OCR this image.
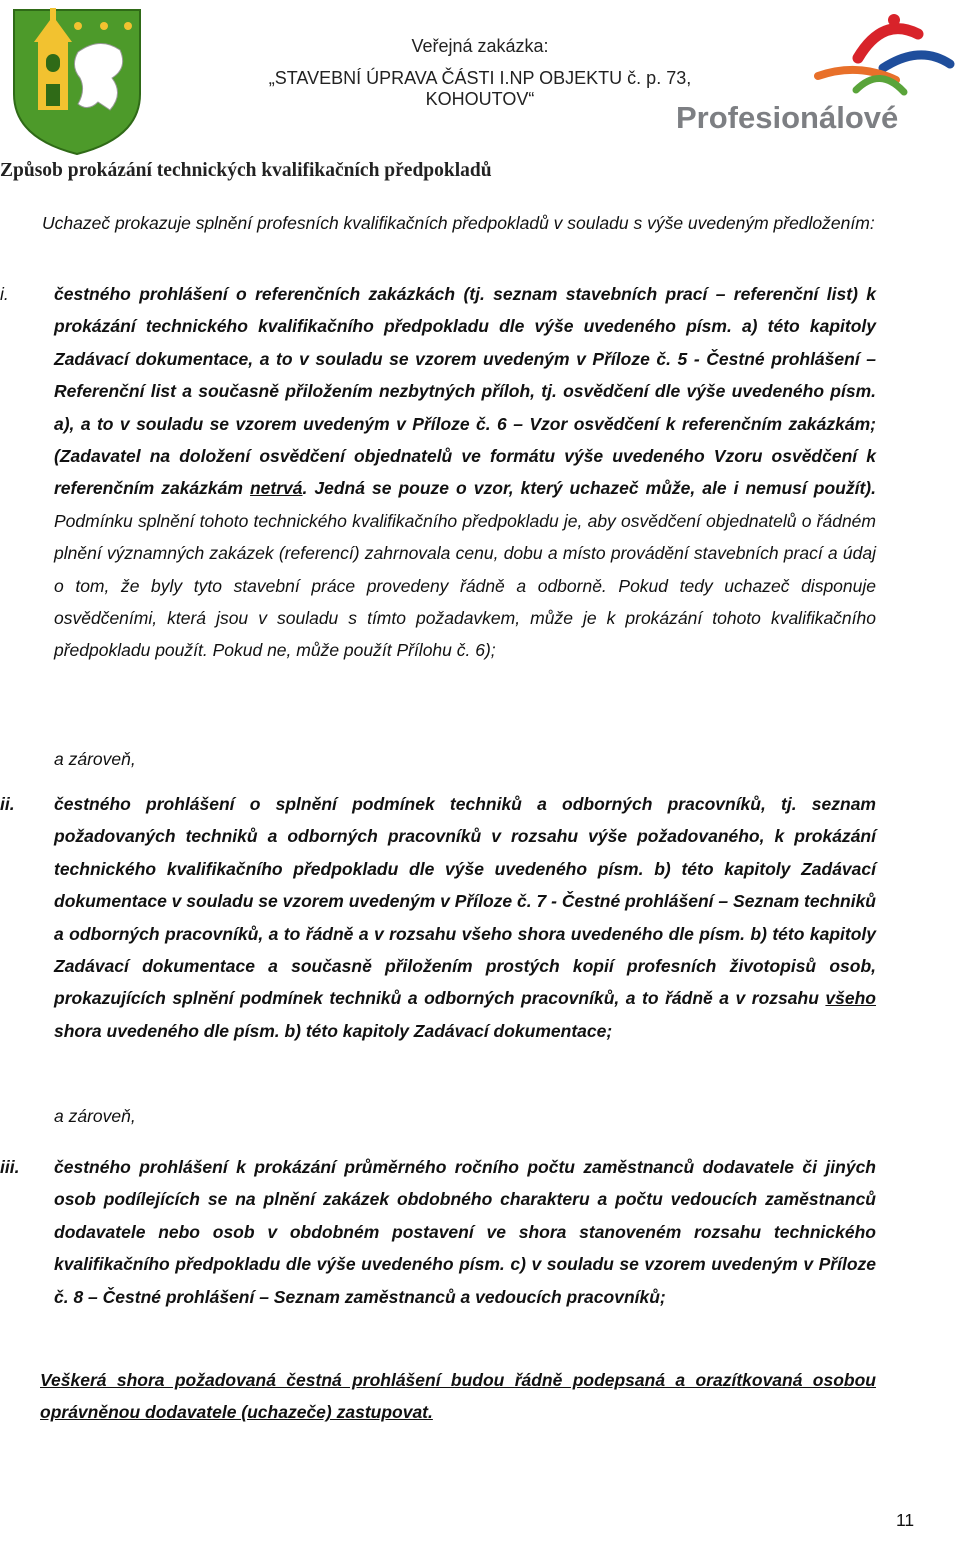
Veřejná zakázka:
„STAVEBNÍ ÚPRAVA ČÁSTI I.NP OBJEKTU č. p. 73, KOHOUTOV“
Profesionálové
Způsob prokázání technických kvalifikačních předpokladů

Uchazeč prokazuje splnění profesních kvalifikačních předpokladů v souladu s výše uvedeným předložením:

i.	čestného prohlášení o referenčních zakázkách (tj. seznam stavebních prací – referenční list) k prokázání technického kvalifikačního předpokladu dle výše uvedeného písm. a) této kapitoly Zadávací dokumentace, a to v souladu se vzorem uvedeným v Příloze č. 5 - Čestné prohlášení – Referenční list a současně přiložením nezbytných příloh, tj. osvědčení dle výše uvedeného písm. a), a to v souladu se vzorem uvedeným v Příloze č. 6 – Vzor osvědčení k referenčním zakázkám; (Zadavatel na doložení osvědčení objednatelů ve formátu výše uvedeného Vzoru osvědčení k referenčním zakázkám netrvá. Jedná se pouze o vzor, který uchazeč může, ale i nemusí použít). Podmínku splnění tohoto technického kvalifikačního předpokladu je, aby osvědčení objednatelů o řádném plnění významných zakázek (referencí) zahrnovala cenu, dobu a místo provádění stavebních prací a údaj o tom, že byly tyto stavební práce provedeny řádně a odborně. Pokud tedy uchazeč disponuje osvědčeními, která jsou v souladu s tímto požadavkem, může je k prokázání tohoto kvalifikačního předpokladu použít. Pokud ne, může použít Přílohu č. 6);

a zároveň,
ii.	čestného prohlášení o splnění podmínek techniků a odborných pracovníků, tj. seznam požadovaných techniků a odborných pracovníků v rozsahu výše požadovaného, k prokázání technického kvalifikačního předpokladu dle výše uvedeného písm. b) této kapitoly Zadávací dokumentace v souladu se vzorem uvedeným v Příloze č. 7 - Čestné prohlášení – Seznam techniků a odborných pracovníků, a to řádně a v rozsahu všeho shora uvedeného dle písm. b) této kapitoly Zadávací dokumentace a současně přiložením prostých kopií profesních životopisů osob, prokazujících splnění podmínek techniků a odborných pracovníků, a to řádně a v rozsahu všeho shora uvedeného dle písm. b) této kapitoly Zadávací dokumentace;

a zároveň,
iii.	čestného prohlášení k prokázání průměrného ročního počtu zaměstnanců dodavatele či jiných osob podílejících se na plnění zakázek obdobného charakteru a počtu vedoucích zaměstnanců dodavatele nebo osob v obdobném postavení ve shora stanoveném rozsahu technického kvalifikačního předpokladu dle výše uvedeného písm. c) v souladu se vzorem uvedeným v Příloze č. 8 – Čestné prohlášení – Seznam zaměstnanců a vedoucích pracovníků;

Veškerá shora požadovaná čestná prohlášení budou řádně podepsaná a orazítkovaná osobou oprávněnou dodavatele (uchazeče) zastupovat.

11
